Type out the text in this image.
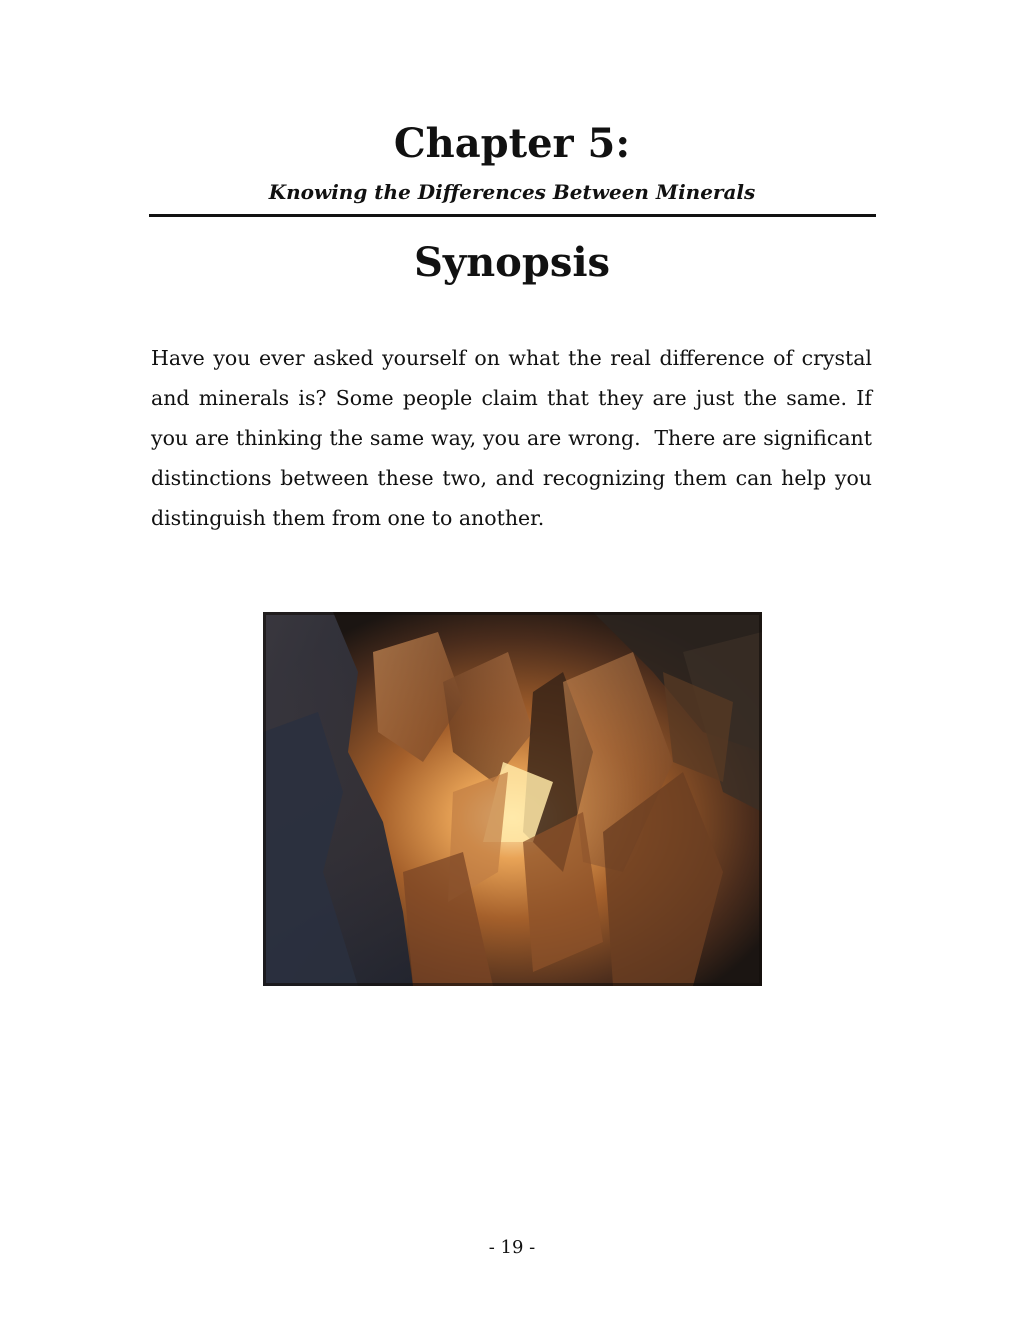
Chapter 5:
Knowing the Differences Between Minerals
Synopsis

Have you ever asked yourself on what the real difference of crystal and minerals is? Some people claim that they are just the same. If you are thinking the same way, you are wrong.  There are significant distinctions between these two, and recognizing them can help you distinguish them from one to another.

- 19 -
